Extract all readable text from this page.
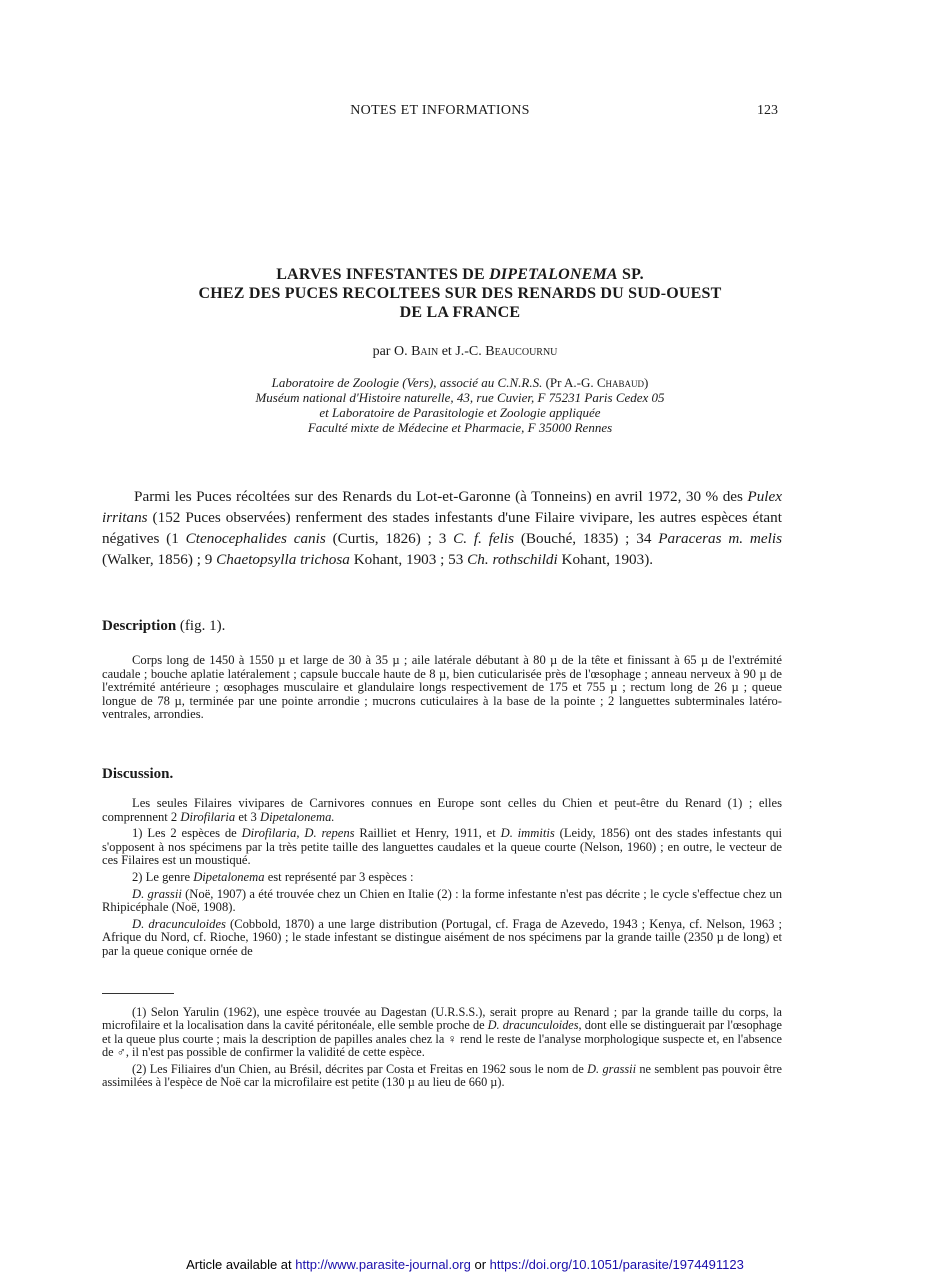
NOTES ET INFORMATIONS	123
LARVES INFESTANTES DE DIPETALONEMA SP.
CHEZ DES PUCES RECOLTEES SUR DES RENARDS DU SUD-OUEST
DE LA FRANCE
par O. Bain et J.-C. Beaucournu
Laboratoire de Zoologie (Vers), associé au C.N.R.S. (Pr A.-G. Chabaud)
Muséum national d'Histoire naturelle, 43, rue Cuvier, F 75231 Paris Cedex 05
et Laboratoire de Parasitologie et Zoologie appliquée
Faculté mixte de Médecine et Pharmacie, F 35000 Rennes

Parmi les Puces récoltées sur des Renards du Lot-et-Garonne (à Tonneins) en avril 1972, 30 % des Pulex irritans (152 Puces observées) renferment des stades infestants d'une Filaire vivipare, les autres espèces étant négatives (1 Ctenocephalides canis (Curtis, 1826) ; 3 C. f. felis (Bouché, 1835) ; 34 Paraceras m. melis (Walker, 1856) ; 9 Chaetopsylla trichosa Kohant, 1903 ; 53 Ch. rothschildi Kohant, 1903).

Description (fig. 1).

Corps long de 1450 à 1550 µ et large de 30 à 35 µ ; aile latérale débutant à 80 µ de la tête et finissant à 65 µ de l'extrémité caudale ; bouche aplatie latéralement ; capsule buccale haute de 8 µ, bien cuticularisée près de l'œsophage ; anneau nerveux à 90 µ de l'extrémité antérieure ; œsophages musculaire et glandulaire longs respectivement de 175 et 755 µ ; rectum long de 26 µ ; queue longue de 78 µ, terminée par une pointe arrondie ; mucrons cuticulaires à la base de la pointe ; 2 languettes subterminales latéro-ventrales, arrondies.

Discussion.

Les seules Filaires vivipares de Carnivores connues en Europe sont celles du Chien et peut-être du Renard (1) ; elles comprennent 2 Dirofilaria et 3 Dipetalonema.

1) Les 2 espèces de Dirofilaria, D. repens Railliet et Henry, 1911, et D. immitis (Leidy, 1856) ont des stades infestants qui s'opposent à nos spécimens par la très petite taille des languettes caudales et la queue courte (Nelson, 1960) ; en outre, le vecteur de ces Filaires est un moustiqué.

2) Le genre Dipetalonema est représenté par 3 espèces :

D. grassii (Noë, 1907) a été trouvée chez un Chien en Italie (2) : la forme infestante n'est pas décrite ; le cycle s'effectue chez un Rhipicéphale (Noë, 1908).

D. dracunculoides (Cobbold, 1870) a une large distribution (Portugal, cf. Fraga de Azevedo, 1943 ; Kenya, cf. Nelson, 1963 ; Afrique du Nord, cf. Rioche, 1960) ; le stade infestant se distingue aisément de nos spécimens par la grande taille (2350 µ de long) et par la queue conique ornée de

(1) Selon Yarulin (1962), une espèce trouvée au Dagestan (U.R.S.S.), serait propre au Renard ; par la grande taille du corps, la microfilaire et la localisation dans la cavité péritonéale, elle semble proche de D. dracunculoides, dont elle se distinguerait par l'œsophage et la queue plus courte ; mais la description de papilles anales chez la ♀ rend le reste de l'analyse morphologique suspecte et, en l'absence de ♂, il n'est pas possible de confirmer la validité de cette espèce.

(2) Les Filiaires d'un Chien, au Brésil, décrites par Costa et Freitas en 1962 sous le nom de D. grassii ne semblent pas pouvoir être assimilées à l'espèce de Noë car la microfilaire est petite (130 µ au lieu de 660 µ).

Article available at http://www.parasite-journal.org or https://doi.org/10.1051/parasite/1974491123
